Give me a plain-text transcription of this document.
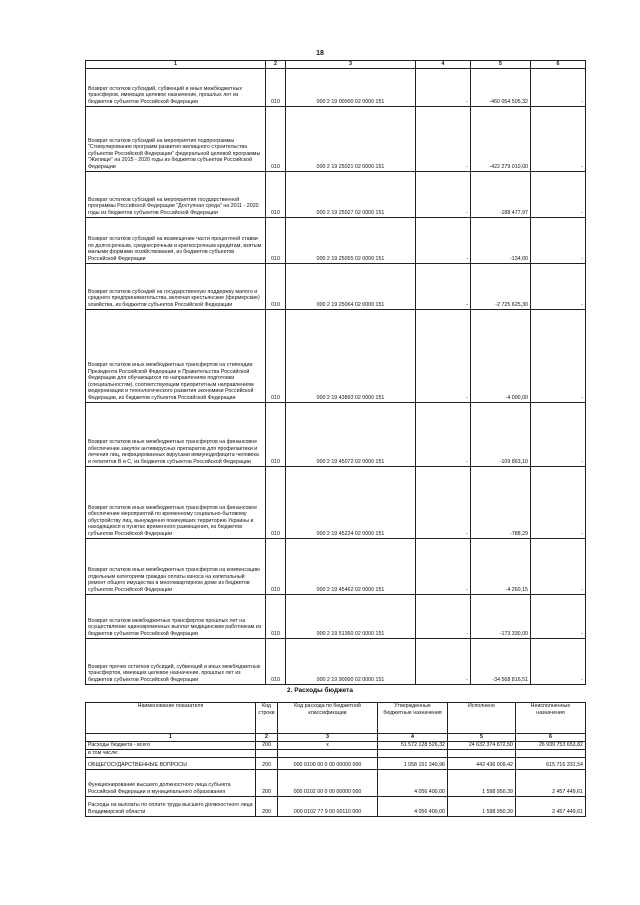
18
1	2	3	4	5	6
Возврат остатков субсидий, субвенций и иных межбюджетных трансферов, имеющих целевое назначение, прошлых лет из бюджетов субъектов Российской Федерации	010	000 2 19 00000 02 0000 151	-	-460 054 505,32	-
Возврат остатков субсидий на мероприятия подпрограммы "Стимулирование программ развития жилищного строительства субъектов Российской Федерации" федеральной целевой программы "Жилище" на 2015 - 2020 годы из бюджетов субъектов Российской Федерации	010	000 2 19 25021 02 0000 151	-	-422 279 010,00	-
Возврат остатков субсидий на мероприятия государственной программы Российской Федерации "Доступная среда" на 2011 - 2020 годы из бюджетов субъектов Российской Федерации	010	000 2 19 25027 02 0000 151	-	-188 477,97	-
Возврат остатков субсидий на возмещение части процентной ставки по долгосрочным, среднесрочным и краткосрочным кредитам, взятым малыми формами хозяйствования, из бюджетов субъектов Российской Федерации	010	000 2 19 25055 02 0000 151	-	-134,00	-
Возврат остатков субсидий на государственную поддержку малого и среднего предпринимательства, включая крестьянские (фермерские) хозяйства, из бюджетов субъектов Российской Федерации	010	000 2 19 25064 02 0000 151	-	-2 725 625,30	-
Возврат остатков иных межбюджетных трансфертов на стипендии Президента Российской Федерации и Правительства Российской Федерации для обучающихся по направлениям подготовки (специальностям), соответствующим приоритетным направлениям модернизации и технологического развития экономики Российской Федерации, из бюджетов субъектов Российской Федерации	010	000 2 19 43893 02 0000 151	-	-4 000,00	-
Возврат остатков иных межбюджетных трансфертов на финансовое обеспечение закупок антивирусных препаратов для профилактики и лечения лиц, инфицированных вирусами иммунодефицита человека и гепатитов В и С, из бюджетов субъектов Российской Федерации	010	000 2 19 45072 02 0000 151	-	-109 863,10	-
Возврат остатков иных межбюджетных трансфертов на финансовое обеспечение мероприятий по временному социально-бытовому обустройству лиц, вынужденно покинувших территорию Украины и находящихся в пунктах временного размещения, из бюджетов субъектов Российской Федерации	010	000 2 19 45224 02 0000 151	-	-788,29	-
Возврат остатков иных межбюджетных трансфертов на компенсацию отдельным категориям граждан оплаты взноса на капитальный ремонт общего имущества в многоквартирном доме из бюджетов субъектов Российской Федерации	010	000 2 19 45462 02 0000 151	-	-4 260,15	-
Возврат остатков межбюджетных трансфертов прошлых лет на осуществление единовременных выплат медицинским работникам из бюджетов субъектов Российской Федерации	010	000 2 19 51360 02 0000 151	-	-173 330,00	-
Возврат прочих остатков субсидий, субвенций и иных межбюджетных трансфертов, имеющих целевое назначение, прошлых лет из бюджетов субъектов Российской Федерации	010	000 2 19 90000 02 0000 151	-	-34 568 816,51	-
2. Расходы бюджета
Наименование показателя	Код строки	Код расхода по бюджетной классификации	Утвержденные бюджетные назначения	Исполнено	Неисполненные назначения
1	2	3	4	5	6
Расходы бюджета - всего	200	х	51 572 128 526,32	24 632 374 872,50	26 939 753 653,82
в том числе:					
ОБЩЕГОСУДАРСТВЕННЫЕ ВОПРОСЫ	200	000 0100 00 0 00 00000 000	1 058 151 340,96	442 436 009,42	615 715 331,54
Функционирование высшего должностного лица субъекта Российской Федерации и муниципального образования	200	000 0102 00 0 00 00000 000	4 056 400,00	1 598 950,39	2 457 449,61
Расходы на выплаты по оплате труда высшего должностного лица Владимирской области	200	000 0102 77 9 00 00110 000	4 056 400,00	1 598 950,39	2 457 449,61
